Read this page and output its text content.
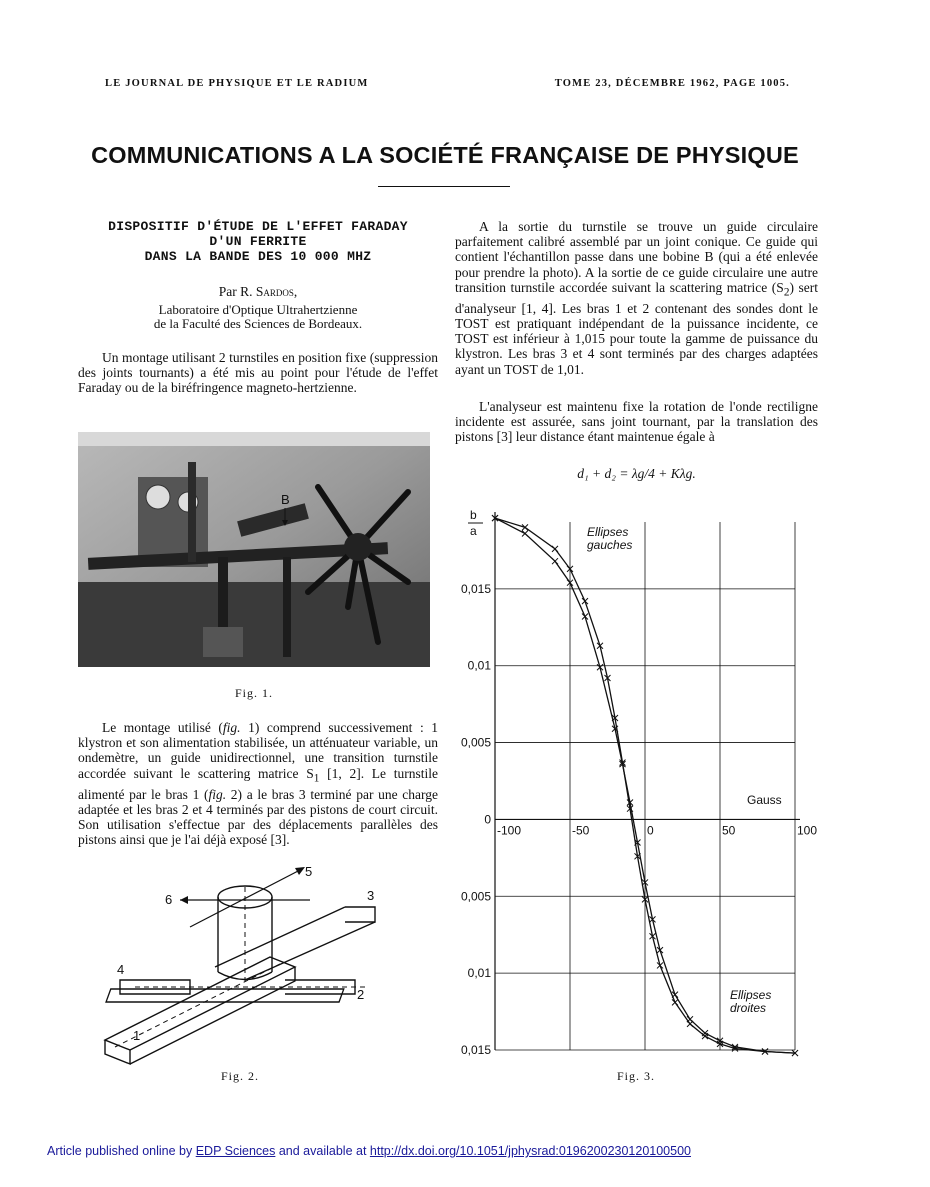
LE JOURNAL DE PHYSIQUE ET LE RADIUM	TOME 23, DÉCEMBRE 1962, PAGE 1005.
COMMUNICATIONS A LA SOCIÉTÉ FRANÇAISE DE PHYSIQUE
DISPOSITIF D'ÉTUDE DE L'EFFET FARADAY
D'UN FERRITE
DANS LA BANDE DES 10 000 MHZ
Par R. Sardos,
Laboratoire d'Optique Ultrahertzienne
de la Faculté des Sciences de Bordeaux.
Un montage utilisant 2 turnstiles en position fixe (suppression des joints tournants) a été mis au point pour l'étude de l'effet Faraday ou de la biréfringence magneto-hertzienne.
B
Fig. 1.
Le montage utilisé (fig. 1) comprend successivement : 1 klystron et son alimentation stabilisée, un atténuateur variable, un ondemètre, un guide unidirectionnel, une transition turnstile accordée suivant le scattering matrice $S_1$ [1, 2]. Le turnstile alimenté par le bras 1 (fig. 2) a le bras 3 terminé par une charge adaptée et les bras 2 et 4 terminés par des pistons de court circuit. Son utilisation s'effectue par des déplacements parallèles des pistons ainsi que je l'ai déjà exposé [3].
1
2
3
4
5
6
Fig. 2.
A la sortie du turnstile se trouve un guide circulaire parfaitement calibré assemblé par un joint conique. Ce guide qui contient l'échantillon passe dans une bobine B (qui a été enlevée pour prendre la photo). A la sortie de ce guide circulaire une autre transition turnstile accordée suivant la scattering matrice $(S_2)$ sert d'analyseur [1, 4]. Les bras 1 et 2 contenant des sondes dont le TOST est pratiquant indépendant de la puissance incidente, ce TOST est inférieur à 1,015 pour toute la gamme de puissance du klystron. Les bras 3 et 4 sont terminés par des charges adaptées ayant un TOST de 1,01.
L'analyseur est maintenu fixe la rotation de l'onde rectiligne incidente est assurée, sans joint tournant, par la translation des pistons [3] leur distance étant maintenue égale à
d₁ + d₂ = λg/4 + Kλg.
-100	-50	0	50	100
0,015
0,01
0,005
0
0,005
0,01
0,015
b
a
Gauss
Ellipses
gauches
Ellipses
droites
Fig. 3.
Article published online by EDP Sciences and available at http://dx.doi.org/10.1051/jphysrad:0196200230120100500
